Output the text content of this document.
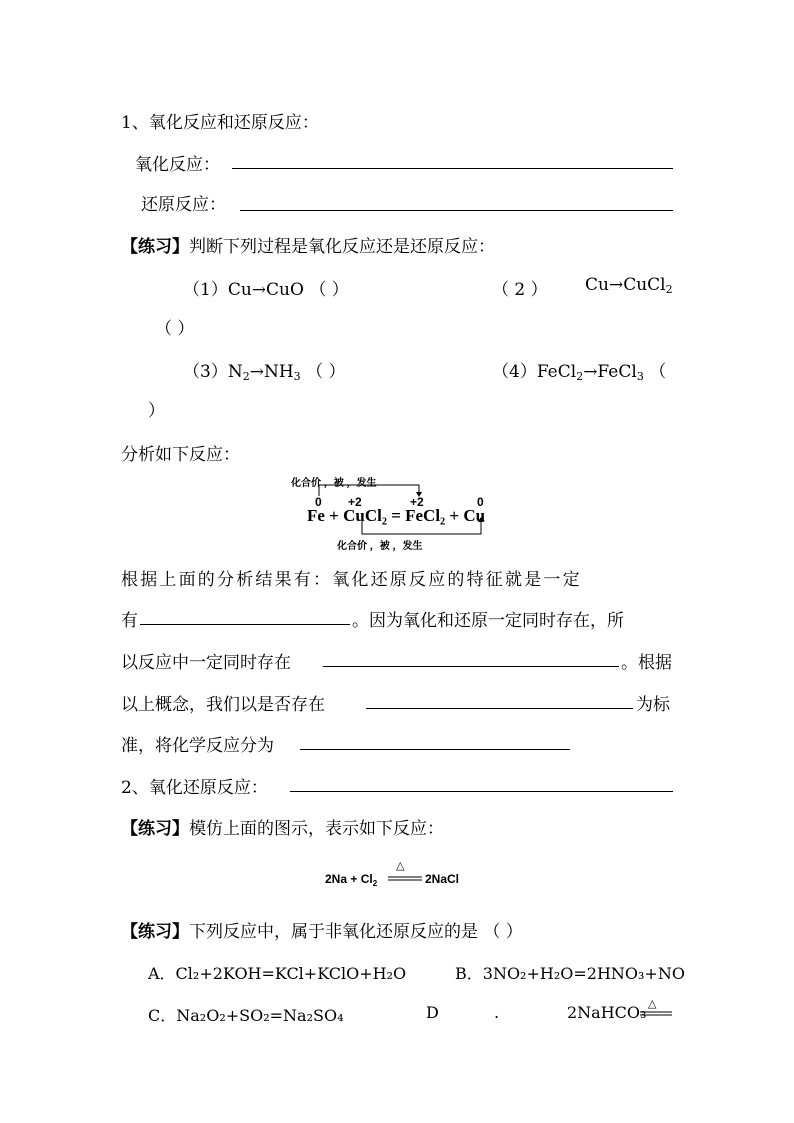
1、氧化反应和还原反应：
氧化反应：
还原反应：
【练习】判断下列过程是氧化反应还是还原反应：
（1）Cu→CuO （ ）	（ 2 ） Cu→CuCl$_2$
（ ）
$(3)N_2\to NH_3$ （ ）	（4）FeCl$_2$→FeCl$_3$ （
）
分析如下反应：
化合价 ，被 ，发生
0 +2	+2	0
Fe + CuCl₂ = FeCl₂ + Cu
化合价 ，被 ，发生
根据上面的分析结果有：氧化还原反应的特征就是一定
有	。因为氧化和还原一定同时存在，所
以反应中一定同时存在	。根据
以上概念，我们以是否存在	为标
准，将化学反应分为
2、氧化还原反应：
【练习】模仿上面的图示，表示如下反应：
$2Na + Cl_2$
△
2NaCl
【练习】下列反应中，属于非氧化还原反应的是 （ ）
A．Cl₂+2KOH=KCl+KClO+H₂O	B．3NO₂+H₂O=2HNO₃+NO
C．Na₂O₂+SO₂=Na₂SO₄	D	.	2NaHCO₃ △
